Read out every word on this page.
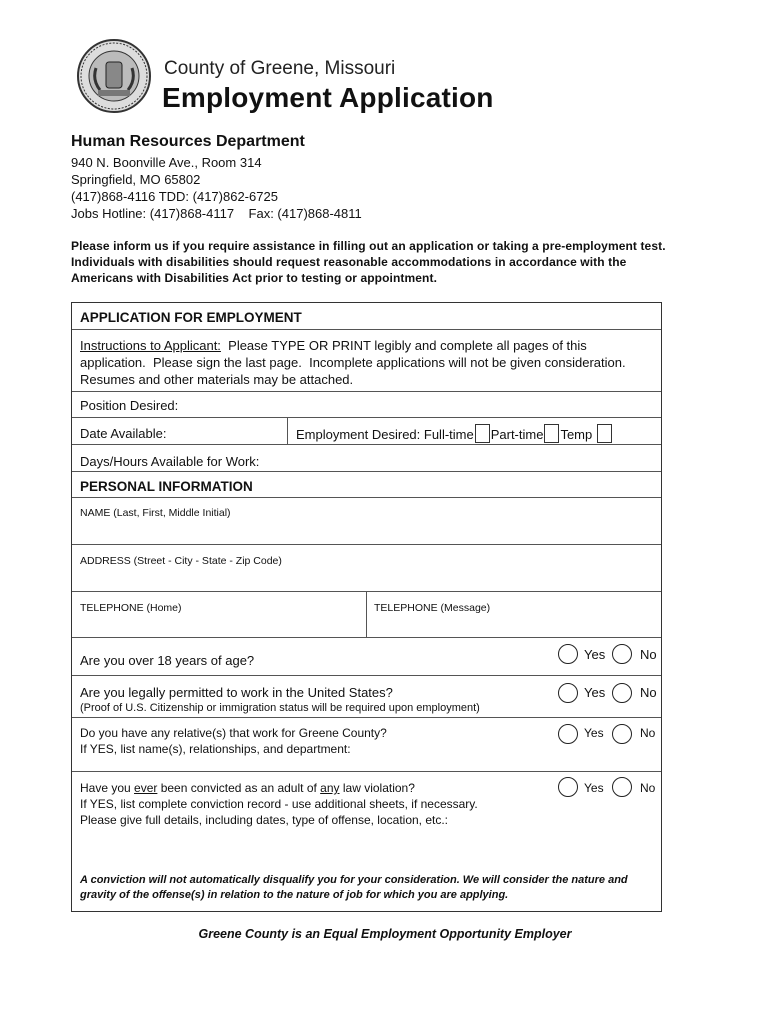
County of Greene, Missouri
Employment Application
Human Resources Department
940 N. Boonville Ave., Room 314
Springfield, MO 65802
(417)868-4116 TDD: (417)862-6725
Jobs Hotline: (417)868-4117    Fax: (417)868-4811
Please inform us if you require assistance in filling out an application or taking a pre-employment test. Individuals with disabilities should request reasonable accommodations in accordance with the Americans with Disabilities Act prior to testing or appointment.
APPLICATION FOR EMPLOYMENT
Instructions to Applicant:  Please TYPE OR PRINT legibly and complete all pages of this application.  Please sign the last page.  Incomplete applications will not be given consideration. Resumes and other materials may be attached.
Position Desired:
Date Available:	Employment Desired: Full-time Part-time Temp
Days/Hours Available for Work:
PERSONAL INFORMATION
NAME (Last, First, Middle Initial)
ADDRESS (Street - City - State - Zip Code)
TELEPHONE (Home)	TELEPHONE (Message)
Are you over 18 years of age?	Yes	No
Are you legally permitted to work in the United States?
(Proof of U.S. Citizenship or immigration status will be required upon employment)
Yes	No
Do you have any relative(s) that work for Greene County?
If YES, list name(s), relationships, and department:
Yes	No
Have you ever been convicted as an adult of any law violation?
If YES, list complete conviction record - use additional sheets, if necessary.
Please give full details, including dates, type of offense, location, etc.:
Yes	No
A conviction will not automatically disqualify you for your consideration. We will consider the nature and gravity of the offense(s) in relation to the nature of job for which you are applying.
Greene County is an Equal Employment Opportunity Employer
